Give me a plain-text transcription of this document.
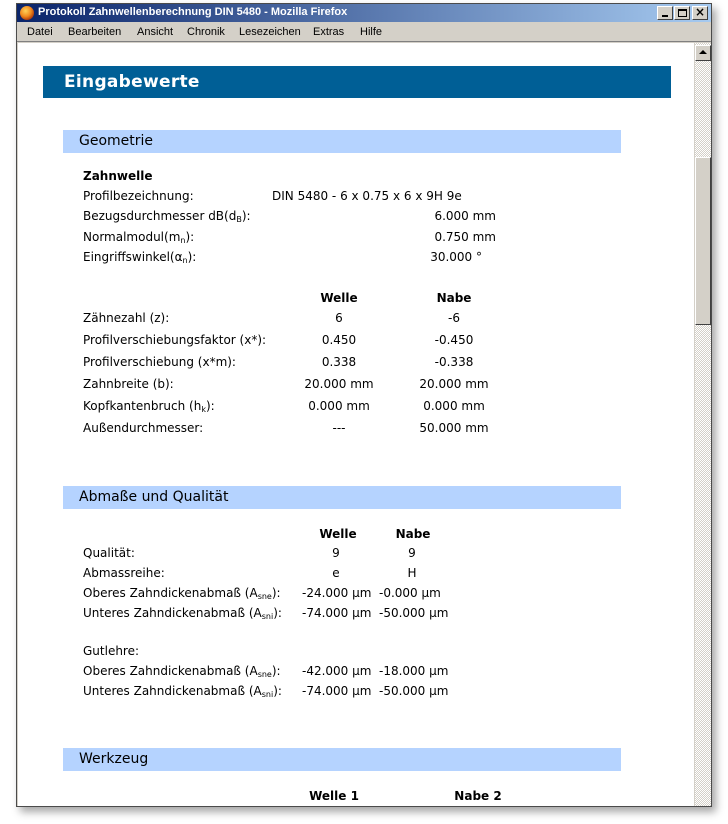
Protokoll Zahnwellenberechnung DIN 5480 - Mozilla Firefox	×
Datei Bearbeiten Ansicht Chronik Lesezeichen Extras Hilfe
Eingabewerte
Geometrie
Zahnwelle
Profilbezeichnung:	DIN 5480 - 6 x 0.75 x 6 x 9H 9e
Bezugsdurchmesser $dB(d_B)$:	6.000 mm
$Normalmodul(m_n)$:	0.750 mm
$Eingriffswinkel(\alpha_n)$:	30.000 °
Welle	Nabe
Zähnezahl (z):	6	-6
Profilverschiebungsfaktor (x*):	0.450	-0.450
Profilverschiebung (x*m):	0.338	-0.338
Zahnbreite (b):	20.000 mm	20.000 mm
Kopfkantenbruch $(h_k)$:	0.000 mm	0.000 mm
Außendurchmesser:	---	50.000 mm
Abmaße und Qualität
Welle	Nabe
Qualität:	9	9
Abmassreihe:	e	H
Oberes Zahndickenabmaß $(A_{sne})$: -24.000 µm -0.000 µm
Unteres Zahndickenabmaß $(A_{sni})$: -74.000 µm -50.000 µm
Gutlehre:
Oberes Zahndickenabmaß $(A_{sne})$: -42.000 µm -18.000 µm
Unteres Zahndickenabmaß $(A_{sni})$: -74.000 µm -50.000 µm
Werkzeug
Welle 1	Nabe 2
